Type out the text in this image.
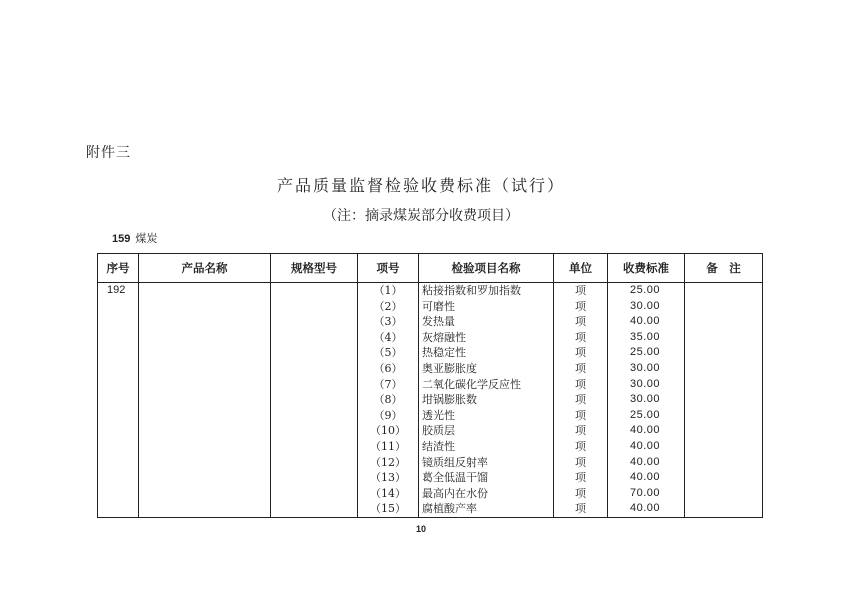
附件三
产品质量监督检验收费标准（试行）
（注：摘录煤炭部分收费项目）
159 煤炭
序号	产品名称	规格型号	项号	检验项目名称	单位	收费标准	备　注
192			（1）	粘接指数和罗加指数	项	25.00	
			（2）	可磨性	项	30.00	
			（3）	发热量	项	40.00	
			（4）	灰熔融性	项	35.00	
			（5）	热稳定性	项	25.00	
			（6）	奥亚膨胀度	项	30.00	
			（7）	二氧化碳化学反应性	项	30.00	
			（8）	坩锅膨胀数	项	30.00	
			（9）	透光性	项	25.00	
			（10）	胶质层	项	40.00	
			（11）	结渣性	项	40.00	
			（12）	镜质组反射率	项	40.00	
			（13）	葛全低温干馏	项	40.00	
			（14）	最高内在水份	项	70.00	
			（15）	腐植酸产率	项	40.00	
10
